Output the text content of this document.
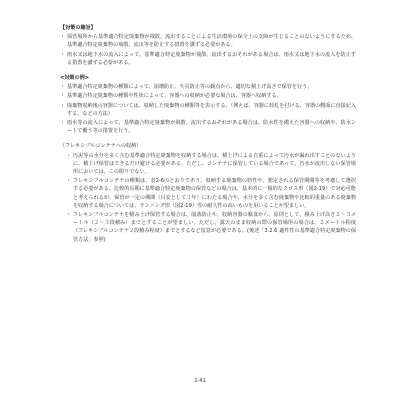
【対策の趣旨】
・ 保管場所から基準適合特定廃棄物が飛散、流出することによる生活環境の保全上の支障が生じることのないようにするため、基準適合特定廃棄物の飛散、流出等を防止する措置を講ずる必要がある。
・ 雨水又は地下水の流入によって、基準適合特定廃棄物が飛散、流出するおそれがある場合は、雨水又は地下水の流入を防止する措置を講ずる必要がある。
<対策の例>
・ 基準適合特定廃棄物の種類によって、崩壊防止、火災防止等の観点から、適切な積上げ高さで保管を行う。
・ 基準適合特定廃棄物の種類や性状によって、容器への収納が必要な場合は、容器へ収納する。
・ 廃棄物収納後の容器については、収納した廃棄物の種類等を表示する。（例えば、容器に荷札を付ける、容器の側面に直接記入する、などの方法）
・ 雨水等の流入によって、基準適合特定廃棄物が飛散、流出するおそれがある場合は、防水性を備えた容器への収納や、防水シートで覆う等の措置を行う。
（フレキシブルコンテナへの収納）
・ 汚泥等の水分を多く含む基準適合特定廃棄物を収納する場合は、積上げによる自重によって汚水が漏れ出すことのないように、積上げ保管はできるだけ避ける必要がある。ただし、コンテナに保管している場合であって、汚水が流出しない保管場所においては、この限りでない。
・ フレキシブルコンテナの種類は、表2-6のとおりであり、収納する廃棄物の特性や、想定される保管期間等を考慮して選択する必要がある。比較的長期に基準適合特定廃棄物の保管などの場合は、基本的に一般的なクロス形（図2-19）で対応可能と考えられるが、保管が一定の期間（目安として３年）にわたる場合や、水分を多く含む廃棄物や比較的重量のある廃棄物を収納する場合については、ランニング形（図2-19）等の耐久性の高いものを用いることが望ましい。
・ フレキシブルコンテナを積み上げ保管する場合は、崩落防止や、収納容器の腐食から、原則として、積み上げ高さ２～３メートル（２～３段積み）までとすることが望ましい。ただし、露天のまま収納の際の保管場所の場合は、２メートル程度（フレキシブルコンテナ２段積み程度）までとするなど留意が必要である。(後述「3.2.6 適性性の基準適合特定廃棄物の保管方法」参照)
2-41
